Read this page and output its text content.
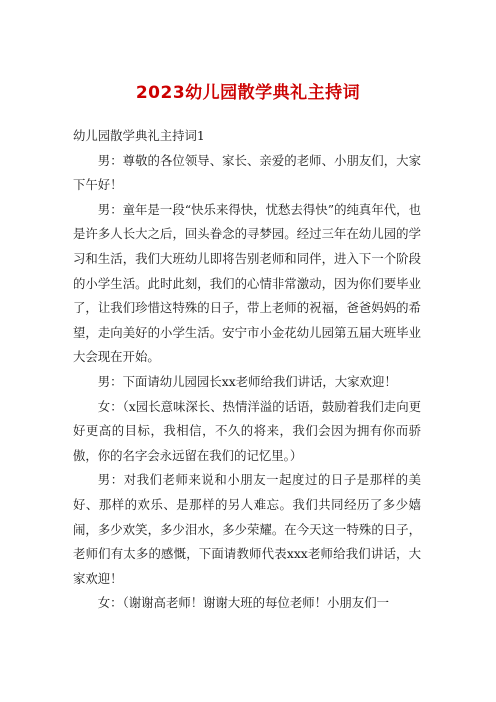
2023幼儿园散学典礼主持词

幼儿园散学典礼主持词1

男：尊敬的各位领导、家长、亲爱的老师、小朋友们，大家下午好！

男：童年是一段“快乐来得快，忧愁去得快”的纯真年代，也是许多人长大之后，回头眷念的寻梦园。经过三年在幼儿园的学习和生活，我们大班幼儿即将告别老师和同伴，进入下一个阶段的小学生活。此时此刻，我们的心情非常激动，因为你们要毕业了，让我们珍惜这特殊的日子，带上老师的祝福，爸爸妈妈的希望，走向美好的小学生活。安宁市小金花幼儿园第五届大班毕业大会现在开始。

男：下面请幼儿园园长xx老师给我们讲话，大家欢迎！

女：（x园长意味深长、热情洋溢的话语，鼓励着我们走向更好更高的目标，我相信，不久的将来，我们会因为拥有你而骄傲，你的名字会永远留在我们的记忆里。）

男：对我们老师来说和小朋友一起度过的日子是那样的美好、那样的欢乐、是那样的另人难忘。我们共同经历了多少嬉闹，多少欢笑，多少泪水，多少荣耀。在今天这一特殊的日子，老师们有太多的感慨，下面请教师代表xxx老师给我们讲话，大家欢迎！

女：（谢谢高老师！谢谢大班的每位老师！小朋友们一
